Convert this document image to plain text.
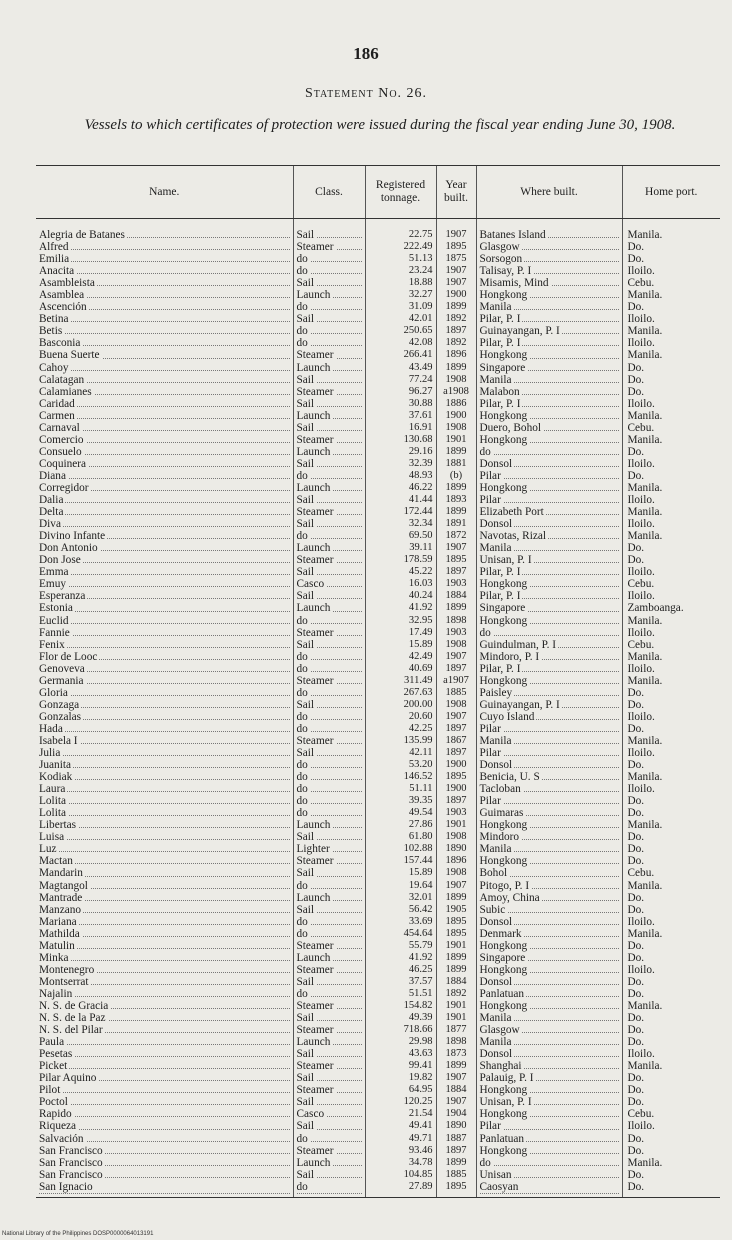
186
Statement No. 26.
Vessels to which certificates of protection were issued during the fiscal year ending June 30, 1908.
Name.	Class.	Registered tonnage.	Year built.	Where built.	Home port.
Alegria de Batanes	Sail	22.75	1907	Batanes Island	Manila.
Alfred	Steamer	222.49	1895	Glasgow	Do.
Emilia	do	51.13	1875	Sorsogon	Do.
Anacita	do	23.24	1907	Talisay, P. I	Iloilo.
Asambleista	Sail	18.88	1907	Misamis, Mind	Cebu.
Asamblea	Launch	32.27	1900	Hongkong	Manila.
Ascención	do	31.09	1899	Manila	Do.
Betina	Sail	42.01	1892	Pilar, P. I	Iloilo.
Betis	do	250.65	1897	Guinayangan, P. I	Manila.
Basconia	do	42.08	1892	Pilar, P. I	Iloilo.
Buena Suerte	Steamer	266.41	1896	Hongkong	Manila.
Cahoy	Launch	43.49	1899	Singapore	Do.
Calatagan	Sail	77.24	1908	Manila	Do.
Calamianes	Steamer	96.27	a1908	Malabon	Do.
Caridad	Sail	30.88	1886	Pilar, P. I	Iloilo.
Carmen	Launch	37.61	1900	Hongkong	Manila.
Carnaval	Sail	16.91	1908	Duero, Bohol	Cebu.
Comercio	Steamer	130.68	1901	Hongkong	Manila.
Consuelo	Launch	29.16	1899	do	Do.
Coquinera	Sail	32.39	1881	Donsol	Iloilo.
Diana	do	48.93	(b)	Pilar	Do.
Corregidor	Launch	46.22	1899	Hongkong	Manila.
Dalia	Sail	41.44	1893	Pilar	Iloilo.
Delta	Steamer	172.44	1899	Elizabeth Port	Manila.
Diva	Sail	32.34	1891	Donsol	Iloilo.
Divino Infante	do	69.50	1872	Navotas, Rizal	Manila.
Don Antonio	Launch	39.11	1907	Manila	Do.
Don Jose	Steamer	178.59	1895	Unisan, P. I	Do.
Emma	Sail	45.22	1897	Pilar, P. I	Iloilo.
Emuy	Casco	16.03	1903	Hongkong	Cebu.
Esperanza	Sail	40.24	1884	Pilar, P. I	Iloilo.
Estonia	Launch	41.92	1899	Singapore	Zamboanga.
Euclid	do	32.95	1898	Hongkong	Manila.
Fannie	Steamer	17.49	1903	do	Iloilo.
Fenix	Sail	15.89	1908	Guindulman, P. I	Cebu.
Flor de Looc	do	42.49	1907	Mindoro, P. I	Manila.
Genoveva	do	40.69	1897	Pilar, P. I	Iloilo.
Germania	Steamer	311.49	a1907	Hongkong	Manila.
Gloria	do	267.63	1885	Paisley	Do.
Gonzaga	Sail	200.00	1908	Guinayangan, P. I	Do.
Gonzalas	do	20.60	1907	Cuyo Island	Iloilo.
Hada	do	42.25	1897	Pilar	Do.
Isabela I	Steamer	135.99	1867	Manila	Manila.
Julia	Sail	42.11	1897	Pilar	Iloilo.
Juanita	do	53.20	1900	Donsol	Do.
Kodiak	do	146.52	1895	Benicia, U. S	Manila.
Laura	do	51.11	1900	Tacloban	Iloilo.
Lolita	do	39.35	1897	Pilar	Do.
Lolita	do	49.54	1903	Guimaras	Do.
Libertas	Launch	27.86	1901	Hongkong	Manila.
Luisa	Sail	61.80	1908	Mindoro	Do.
Luz	Lighter	102.88	1890	Manila	Do.
Mactan	Steamer	157.44	1896	Hongkong	Do.
Mandarin	Sail	15.89	1908	Bohol	Cebu.
Magtangol	do	19.64	1907	Pitogo, P. I	Manila.
Mantrade	Launch	32.01	1899	Amoy, China	Do.
Manzano	Sail	56.42	1905	Subic	Do.
Mariana	do	33.69	1895	Donsol	Iloilo.
Mathilda	do	454.64	1895	Denmark	Manila.
Matulin	Steamer	55.79	1901	Hongkong	Do.
Minka	Launch	41.92	1899	Singapore	Do.
Montenegro	Steamer	46.25	1899	Hongkong	Iloilo.
Montserrat	Sail	37.57	1884	Donsol	Do.
Najalin	do	51.51	1892	Panlatuan	Do.
N. S. de Gracia	Steamer	154.82	1901	Hongkong	Manila.
N. S. de la Paz	Sail	49.39	1901	Manila	Do.
N. S. del Pilar	Steamer	718.66	1877	Glasgow	Do.
Paula	Launch	29.98	1898	Manila	Do.
Pesetas	Sail	43.63	1873	Donsol	Iloilo.
Picket	Steamer	99.41	1899	Shanghai	Manila.
Pilar Aquino	Sail	19.82	1907	Palauig, P. I	Do.
Pilot	Steamer	64.95	1884	Hongkong	Do.
Poctol	Sail	120.25	1907	Unisan, P. I	Do.
Rapido	Casco	21.54	1904	Hongkong	Cebu.
Riqueza	Sail	49.41	1890	Pilar	Iloilo.
Salvación	do	49.71	1887	Panlatuan	Do.
San Francisco	Steamer	93.46	1897	Hongkong	Do.
San Francisco	Launch	34.78	1899	do	Manila.
San Francisco	Sail	104.85	1885	Unisan	Do.
San Ignacio	do	27.89	1895	Caosyan	Do.
National Library of the Philippines DOSP0000064013191
